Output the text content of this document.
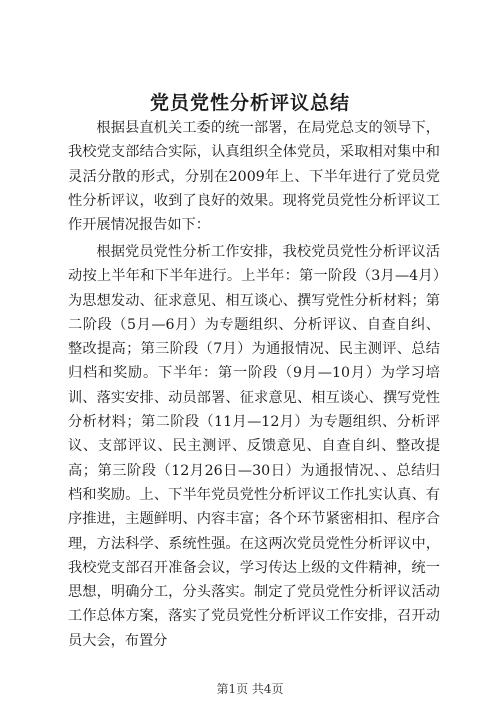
党员党性分析评议总结

根据县直机关工委的统一部署，在局党总支的领导下，我校党支部结合实际，认真组织全体党员，采取相对集中和灵活分散的形式，分别在2009年上、下半年进行了党员党性分析评议，收到了良好的效果。现将党员党性分析评议工作开展情况报告如下：

根据党员党性分析工作安排，我校党员党性分析评议活动按上半年和下半年进行。上半年：第一阶段（3月—4月）为思想发动、征求意见、相互谈心、撰写党性分析材料；第二阶段（5月—6月）为专题组织、分析评议、自查自纠、整改提高；第三阶段（7月）为通报情况、民主测评、总结归档和奖励。下半年：第一阶段（9月—10月）为学习培训、落实安排、动员部署、征求意见、相互谈心、撰写党性分析材料；第二阶段（11月—12月）为专题组织、分析评议、支部评议、民主测评、反馈意见、自查自纠、整改提高；第三阶段（12月26日—30日）为通报情况、、总结归档和奖励。上、下半年党员党性分析评议工作扎实认真、有序推进，主题鲜明、内容丰富；各个环节紧密相扣、程序合理，方法科学、系统性强。在这两次党员党性分析评议中，我校党支部召开准备会议，学习传达上级的文件精神，统一思想，明确分工，分头落实。制定了党员党性分析评议活动工作总体方案，落实了党员党性分析评议工作安排，召开动员大会，布置分

第1页 共4页
